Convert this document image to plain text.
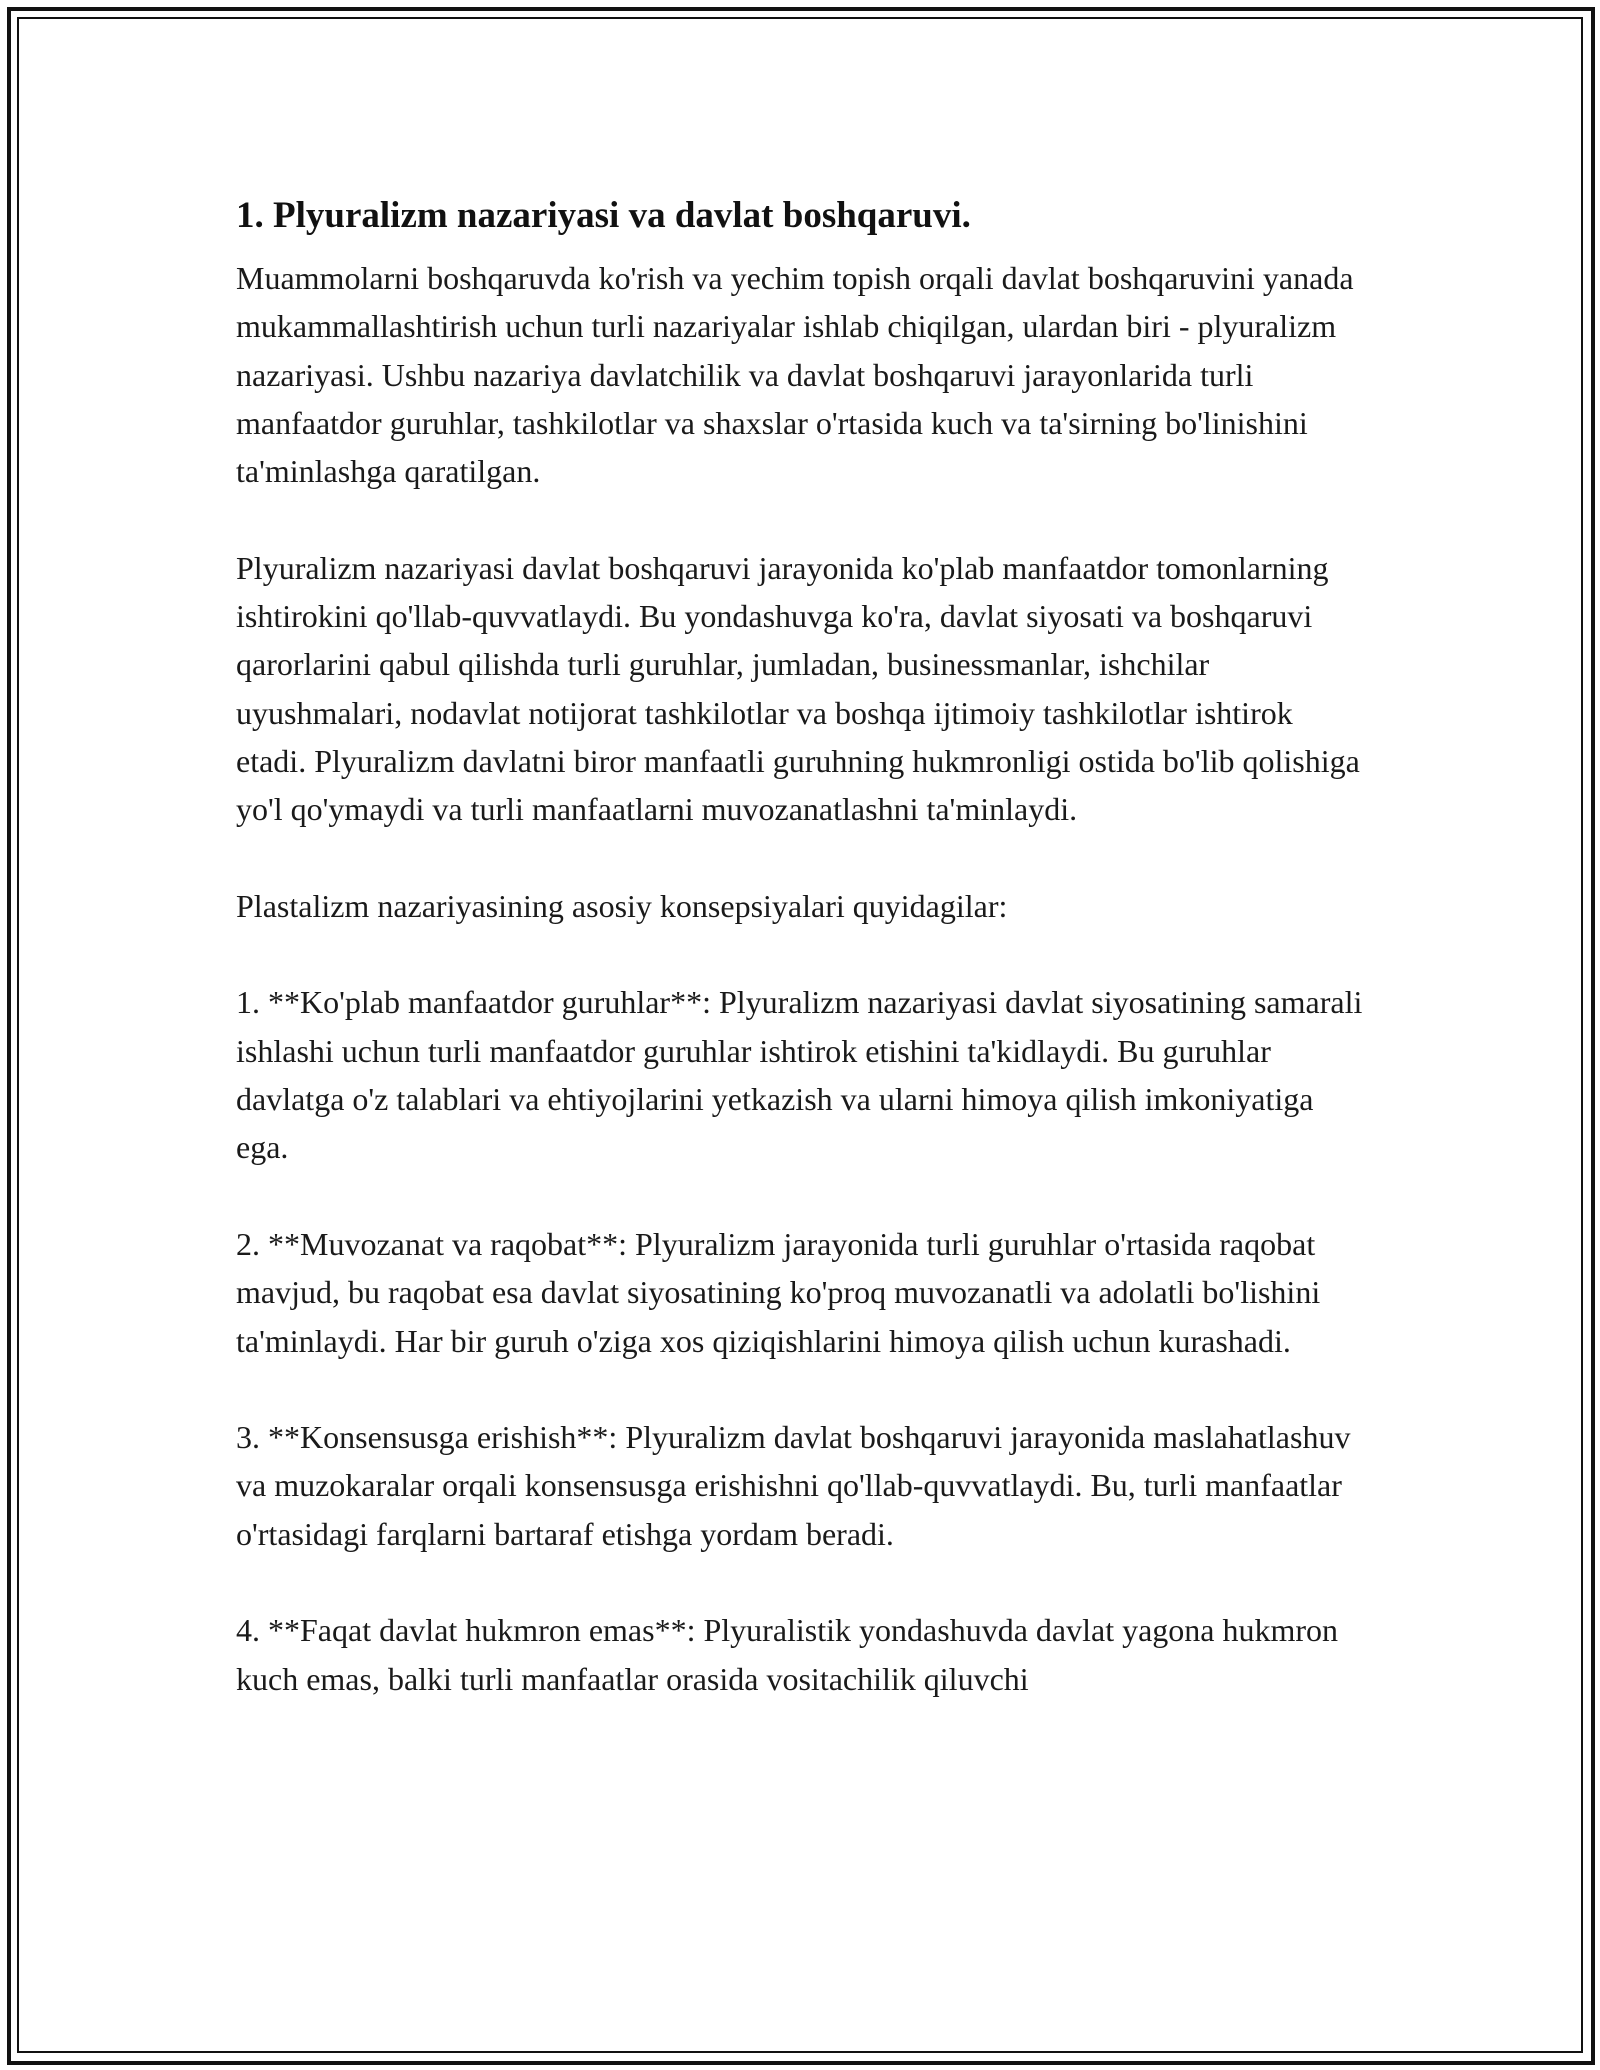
1. Plyuralizm nazariyasi va davlat boshqaruvi.

Muammolarni boshqaruvda ko'rish va yechim topish orqali davlat boshqaruvini yanada mukammallashtirish uchun turli nazariyalar ishlab chiqilgan, ulardan biri - plyuralizm nazariyasi. Ushbu nazariya davlatchilik va davlat boshqaruvi jarayonlarida turli manfaatdor guruhlar, tashkilotlar va shaxslar o'rtasida kuch va ta'sirning bo'linishini ta'minlashga qaratilgan.

Plyuralizm nazariyasi davlat boshqaruvi jarayonida ko'plab manfaatdor tomonlarning ishtirokini qo'llab-quvvatlaydi. Bu yondashuvga ko'ra, davlat siyosati va boshqaruvi qarorlarini qabul qilishda turli guruhlar, jumladan, businessmanlar, ishchilar uyushmalari, nodavlat notijorat tashkilotlar va boshqa ijtimoiy tashkilotlar ishtirok etadi. Plyuralizm davlatni biror manfaatli guruhning hukmronligi ostida bo'lib qolishiga yo'l qo'ymaydi va turli manfaatlarni muvozanatlashni ta'minlaydi.

Plastalizm nazariyasining asosiy konsepsiyalari quyidagilar:

1. **Ko'plab manfaatdor guruhlar**: Plyuralizm nazariyasi davlat siyosatining samarali ishlashi uchun turli manfaatdor guruhlar ishtirok etishini ta'kidlaydi. Bu guruhlar davlatga o'z talablari va ehtiyojlarini yetkazish va ularni himoya qilish imkoniyatiga ega.

2. **Muvozanat va raqobat**: Plyuralizm jarayonida turli guruhlar o'rtasida raqobat mavjud, bu raqobat esa davlat siyosatining ko'proq muvozanatli va adolatli bo'lishini ta'minlaydi. Har bir guruh o'ziga xos qiziqishlarini himoya qilish uchun kurashadi.

3. **Konsensusga erishish**: Plyuralizm davlat boshqaruvi jarayonida maslahatlashuv va muzokaralar orqali konsensusga erishishni qo'llab-quvvatlaydi. Bu, turli manfaatlar o'rtasidagi farqlarni bartaraf etishga yordam beradi.

4. **Faqat davlat hukmron emas**: Plyuralistik yondashuvda davlat yagona hukmron kuch emas, balki turli manfaatlar orasida vositachilik qiluvchi
